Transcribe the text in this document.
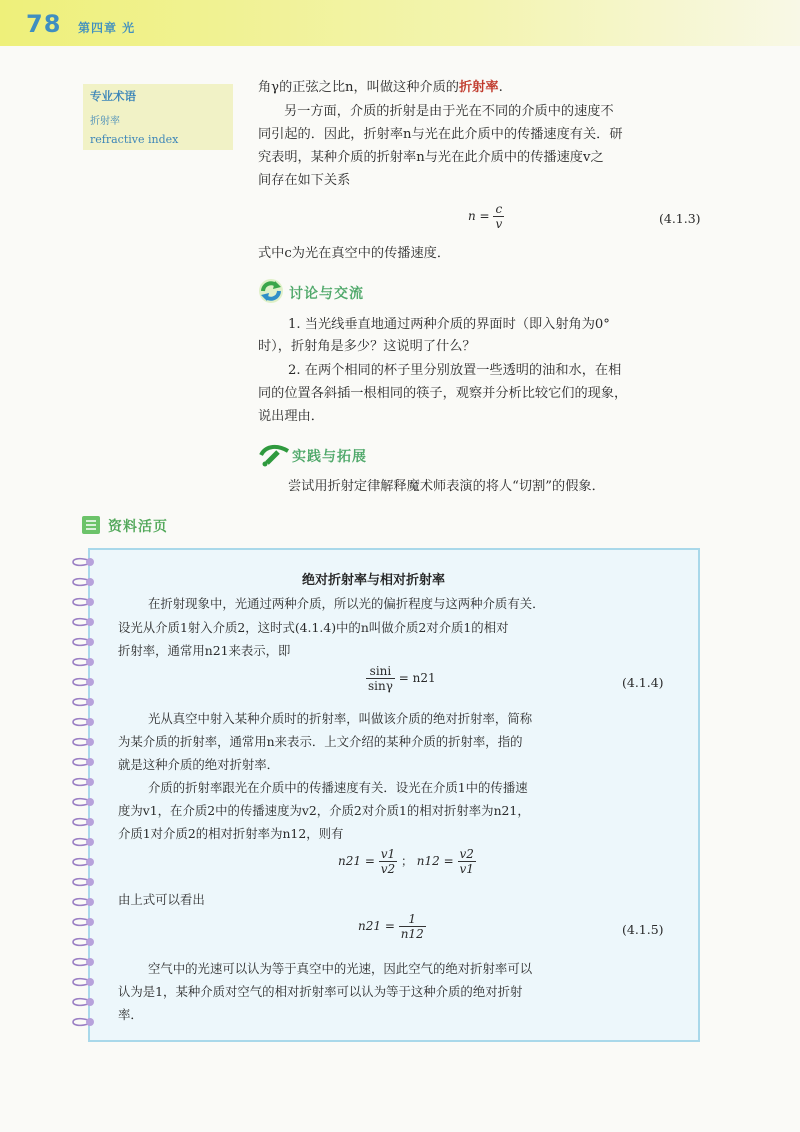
78 第四章 光
专业术语
折射率
refractive index

角γ的正弦之比n，叫做这种介质的折射率.

另一方面，介质的折射是由于光在不同的介质中的速度不

同引起的．因此，折射率n与光在此介质中的传播速度有关．研

究表明，某种介质的折射率n与光在此介质中的传播速度v之

间存在如下关系

$n = \frac{c}{v}$	(4.1.3)

式中c为光在真空中的传播速度．

讨论与交流

1. 当光线垂直地通过两种介质的界面时（即入射角为0°

时），折射角是多少？这说明了什么？

2. 在两个相同的杯子里分别放置一些透明的油和水，在相

同的位置各斜插一根相同的筷子，观察并分析比较它们的现象，

说出理由．

实践与拓展

尝试用折射定律解释魔术师表演的将人“切割”的假象．

资料活页
绝对折射率与相对折射率

在折射现象中，光通过两种介质，所以光的偏折程度与这两种介质有关．

设光从介质1射入介质2，这时式(4.1.4)中的n叫做介质2对介质1的相对

折射率，通常用n21来表示，即

$\frac{\sin i}{\sin\gamma} = n21$	(4.1.4)

光从真空中射入某种介质时的折射率，叫做该介质的绝对折射率，简称

为某介质的折射率，通常用n来表示．上文介绍的某种介质的折射率，指的

就是这种介质的绝对折射率．

介质的折射率跟光在介质中的传播速度有关．设光在介质1中的传播速

度为v1，在介质2中的传播速度为v2，介质2对介质1的相对折射率为n21，

介质1对介质2的相对折射率为n12，则有

$n21 = \frac{v1}{v2}$ ； $n12 = \frac{v2}{v1}$

由上式可以看出

$n21 = \frac{1}{n12}$	(4.1.5)

空气中的光速可以认为等于真空中的光速，因此空气的绝对折射率可以

认为是1，某种介质对空气的相对折射率可以认为等于这种介质的绝对折射

率．
